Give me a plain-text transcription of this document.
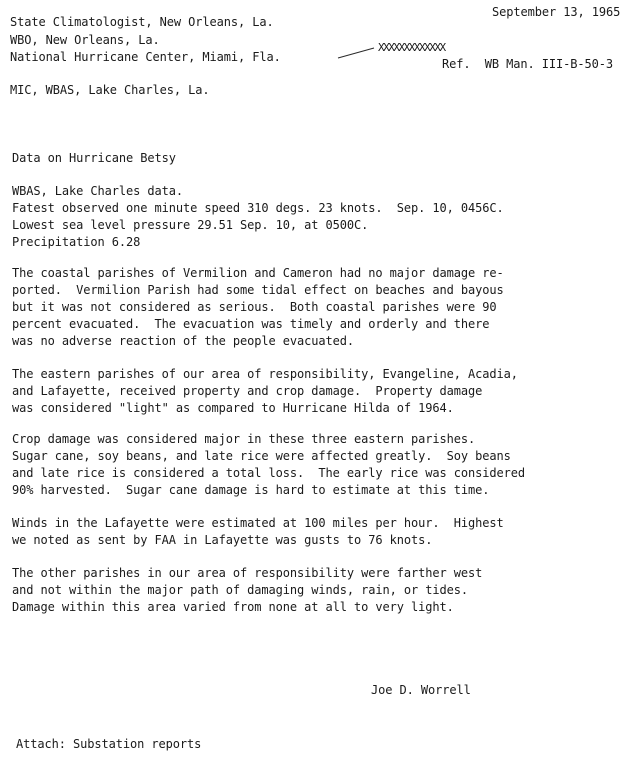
September 13, 1965
State Climatologist, New Orleans, La.
WBO, New Orleans, La.
National Hurricane Center, Miami, Fla.
XXXXXXXXXXXXX
Ref.  WB Man. III-B-50-3
MIC, WBAS, Lake Charles, La.
Data on Hurricane Betsy
WBAS, Lake Charles data.
Fatest observed one minute speed 310 degs. 23 knots.  Sep. 10, 0456C.
Lowest sea level pressure 29.51 Sep. 10, at 0500C.
Precipitation 6.28
The coastal parishes of Vermilion and Cameron had no major damage re-
ported.  Vermilion Parish had some tidal effect on beaches and bayous
but it was not considered as serious.  Both coastal parishes were 90
percent evacuated.  The evacuation was timely and orderly and there
was no adverse reaction of the people evacuated.
The eastern parishes of our area of responsibility, Evangeline, Acadia,
and Lafayette, received property and crop damage.  Property damage
was considered "light" as compared to Hurricane Hilda of 1964.
Crop damage was considered major in these three eastern parishes.
Sugar cane, soy beans, and late rice were affected greatly.  Soy beans
and late rice is considered a total loss.  The early rice was considered
90% harvested.  Sugar cane damage is hard to estimate at this time.
Winds in the Lafayette were estimated at 100 miles per hour.  Highest
we noted as sent by FAA in Lafayette was gusts to 76 knots.
The other parishes in our area of responsibility were farther west
and not within the major path of damaging winds, rain, or tides.
Damage within this area varied from none at all to very light.
Joe D. Worrell
Attach: Substation reports
